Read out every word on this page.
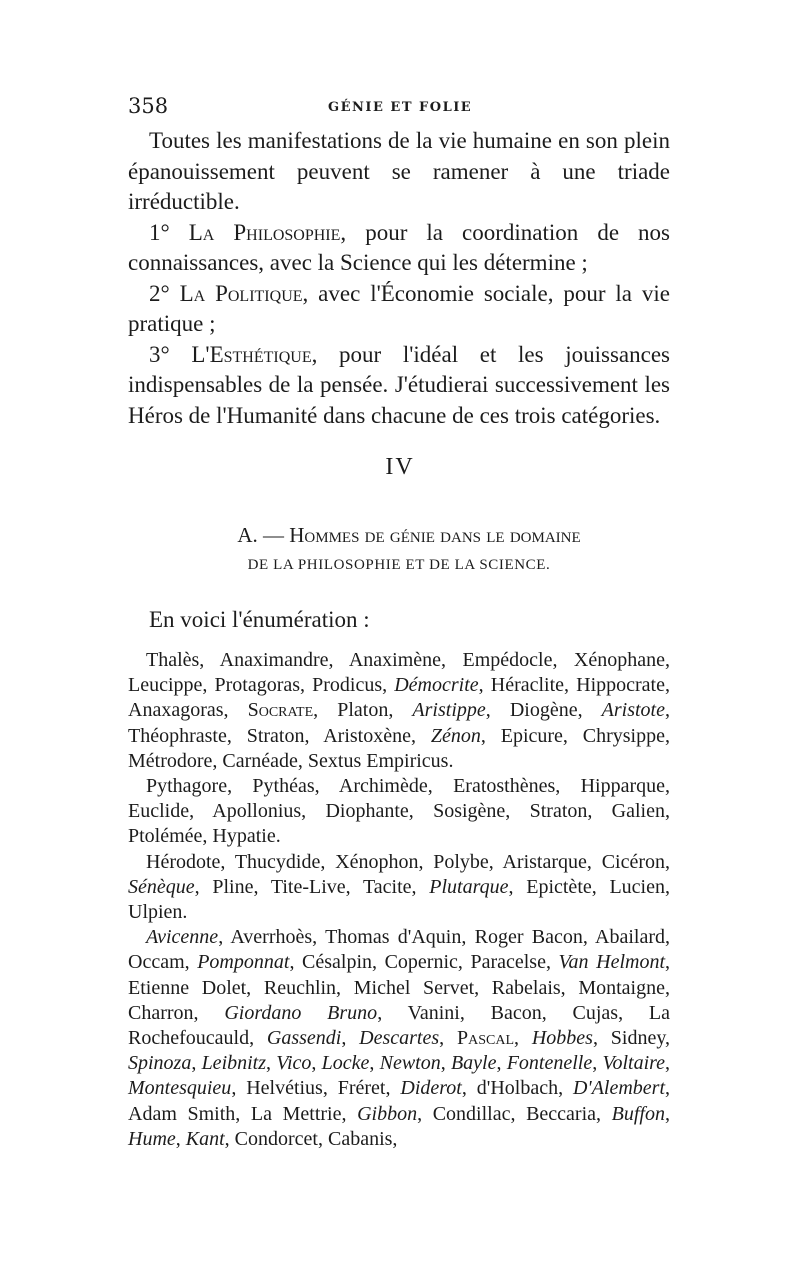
358	GÉNIE ET FOLIE

Toutes les manifestations de la vie humaine en son plein épanouissement peuvent se ramener à une triade irréductible.

1° La Philosophie, pour la coordination de nos connaissances, avec la Science qui les détermine ;

2° La Politique, avec l'Économie sociale, pour la vie pratique ;

3° L'Esthétique, pour l'idéal et les jouissances indispensables de la pensée. J'étudierai successivement les Héros de l'Humanité dans chacune de ces trois catégories.

IV
A. — Hommes de génie dans le domaine
DE LA PHILOSOPHIE ET DE LA SCIENCE.

En voici l'énumération :

Thalès, Anaximandre, Anaximène, Empédocle, Xénophane, Leucippe, Protagoras, Prodicus, Démocrite, Héraclite, Hippocrate, Anaxagoras, Socrate, Platon, Aristippe, Diogène, Aristote, Théophraste, Straton, Aristoxène, Zénon, Epicure, Chrysippe, Métrodore, Carnéade, Sextus Empiricus.

Pythagore, Pythéas, Archimède, Eratosthènes, Hipparque, Euclide, Apollonius, Diophante, Sosigène, Straton, Galien, Ptolémée, Hypatie.

Hérodote, Thucydide, Xénophon, Polybe, Aristarque, Cicéron, Sénèque, Pline, Tite-Live, Tacite, Plutarque, Epictète, Lucien, Ulpien.

Avicenne, Averrhoès, Thomas d'Aquin, Roger Bacon, Abailard, Occam, Pomponnat, Césalpin, Copernic, Paracelse, Van Helmont, Etienne Dolet, Reuchlin, Michel Servet, Rabelais, Montaigne, Charron, Giordano Bruno, Vanini, Bacon, Cujas, La Rochefoucauld, Gassendi, Descartes, Pascal, Hobbes, Sidney, Spinoza, Leibnitz, Vico, Locke, Newton, Bayle, Fontenelle, Voltaire, Montesquieu, Helvétius, Fréret, Diderot, d'Holbach, D'Alembert, Adam Smith, La Mettrie, Gibbon, Condillac, Beccaria, Buffon, Hume, Kant, Condorcet, Cabanis,
